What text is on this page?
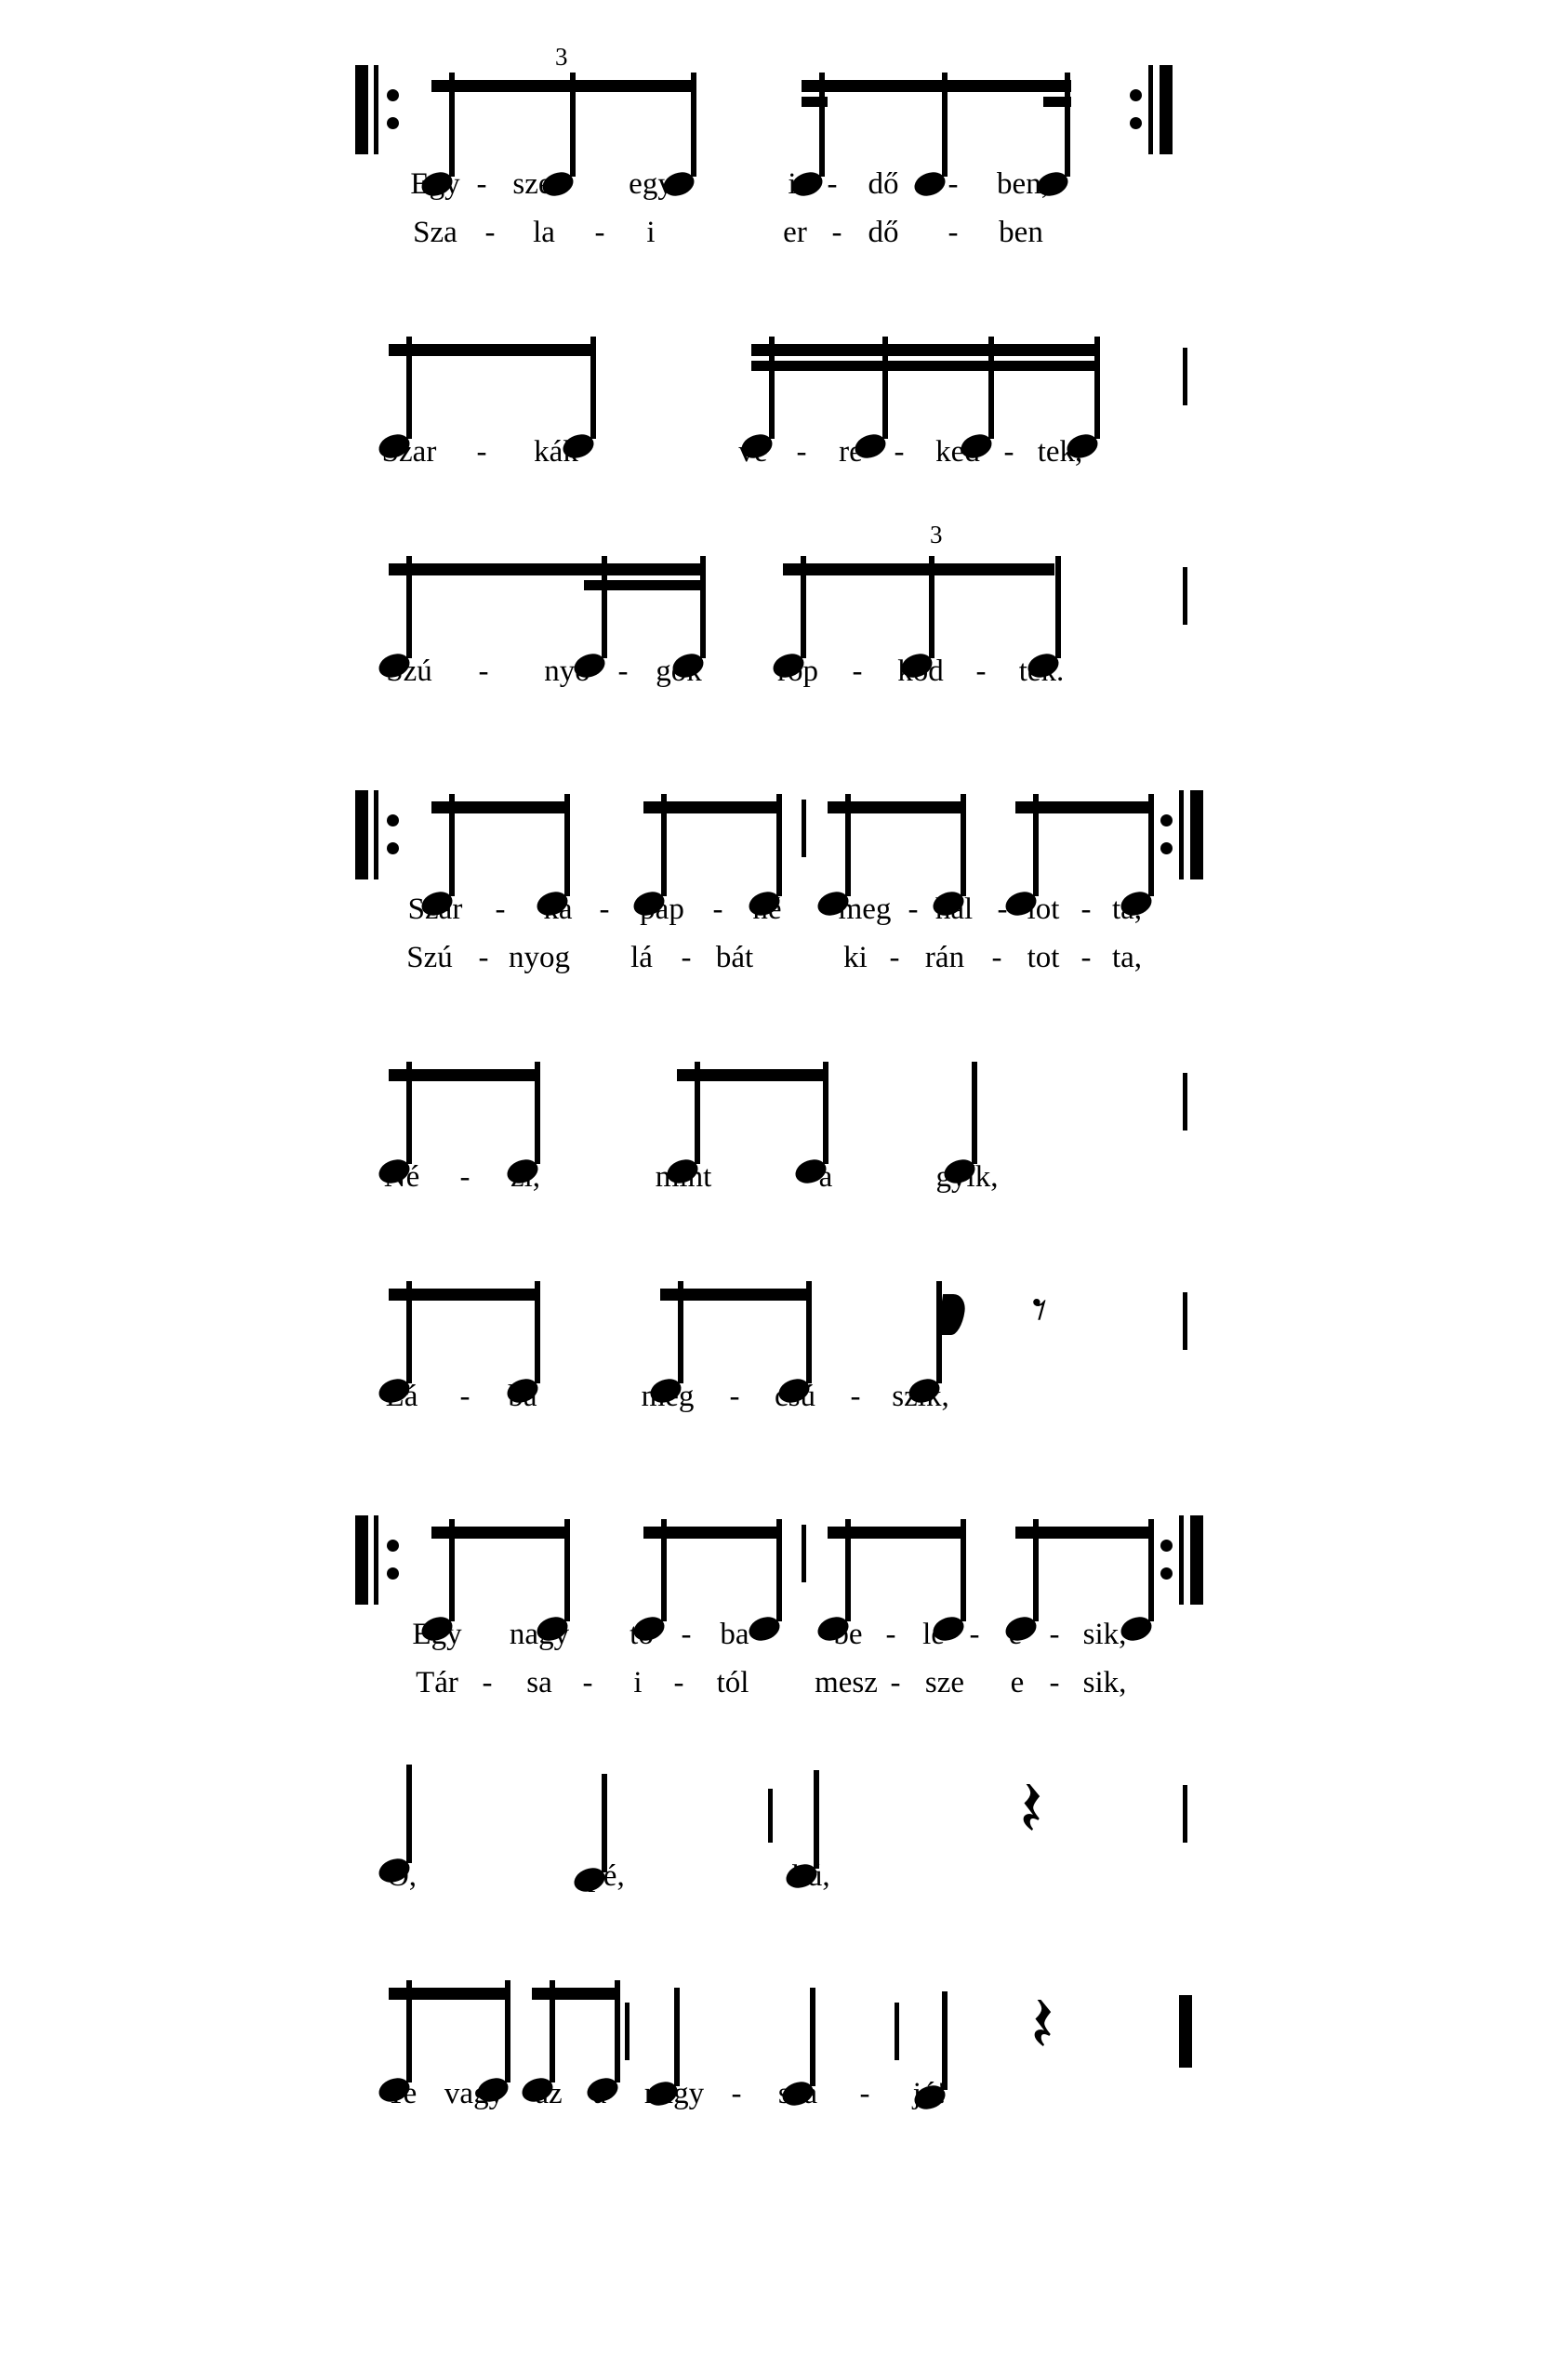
3
Egy - szer egy	i - dő - ben,
Sza - la - i	er - dő - ben
Szar - kák	ve - re - ked - tek,
3
Szú - nyo - gok röp - köd - tek.
Szar - ka - pap - né meg - hal - lot - ta,
Szú - nyog lá - bát	ki - rán - tot - ta,
Né - zi,	mint	a	gyík,
𝄾
Lá - ba	meg - csú - szik,
Egy nagy tó - ba	be - le - e - sik,
Tár - sa - i - tól mesz - sze e - sik,
𝄽
Ó,	pé,	kú,
𝄽
Te vagy az a nagy - szá - jú!
